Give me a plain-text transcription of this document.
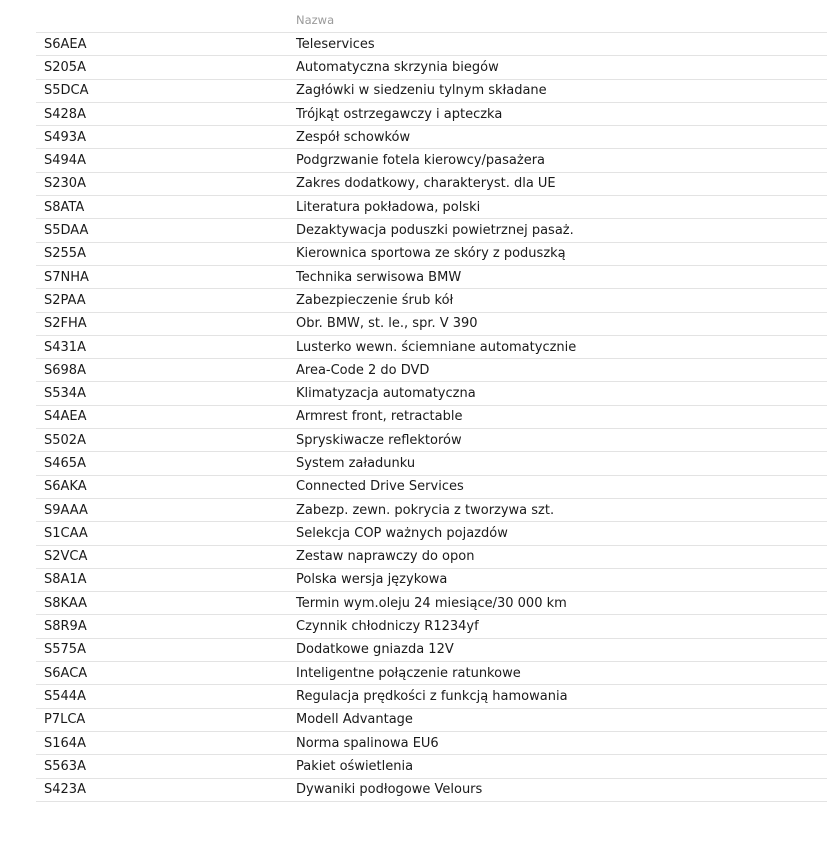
Nazwa
S6AEA	Teleservices
S205A	Automatyczna skrzynia biegów
S5DCA	Zagłówki w siedzeniu tylnym składane
S428A	Trójkąt ostrzegawczy i apteczka
S493A	Zespół schowków
S494A	Podgrzwanie fotela kierowcy/pasażera
S230A	Zakres dodatkowy, charakteryst. dla UE
S8ATA	Literatura pokładowa, polski
S5DAA	Dezaktywacja poduszki powietrznej pasaż.
S255A	Kierownica sportowa ze skóry z poduszką
S7NHA	Technika serwisowa BMW
S2PAA	Zabezpieczenie śrub kół
S2FHA	Obr. BMW, st. le., spr. V 390
S431A	Lusterko wewn. ściemniane automatycznie
S698A	Area-Code 2 do DVD
S534A	Klimatyzacja automatyczna
S4AEA	Armrest front, retractable
S502A	Spryskiwacze reflektorów
S465A	System załadunku
S6AKA	Connected Drive Services
S9AAA	Zabezp. zewn. pokrycia z tworzywa szt.
S1CAA	Selekcja COP ważnych pojazdów
S2VCA	Zestaw naprawczy do opon
S8A1A	Polska wersja językowa
S8KAA	Termin wym.oleju 24 miesiące/30 000 km
S8R9A	Czynnik chłodniczy R1234yf
S575A	Dodatkowe gniazda 12V
S6ACA	Inteligentne połączenie ratunkowe
S544A	Regulacja prędkości z funkcją hamowania
P7LCA	Modell Advantage
S164A	Norma spalinowa EU6
S563A	Pakiet oświetlenia
S423A	Dywaniki podłogowe Velours
